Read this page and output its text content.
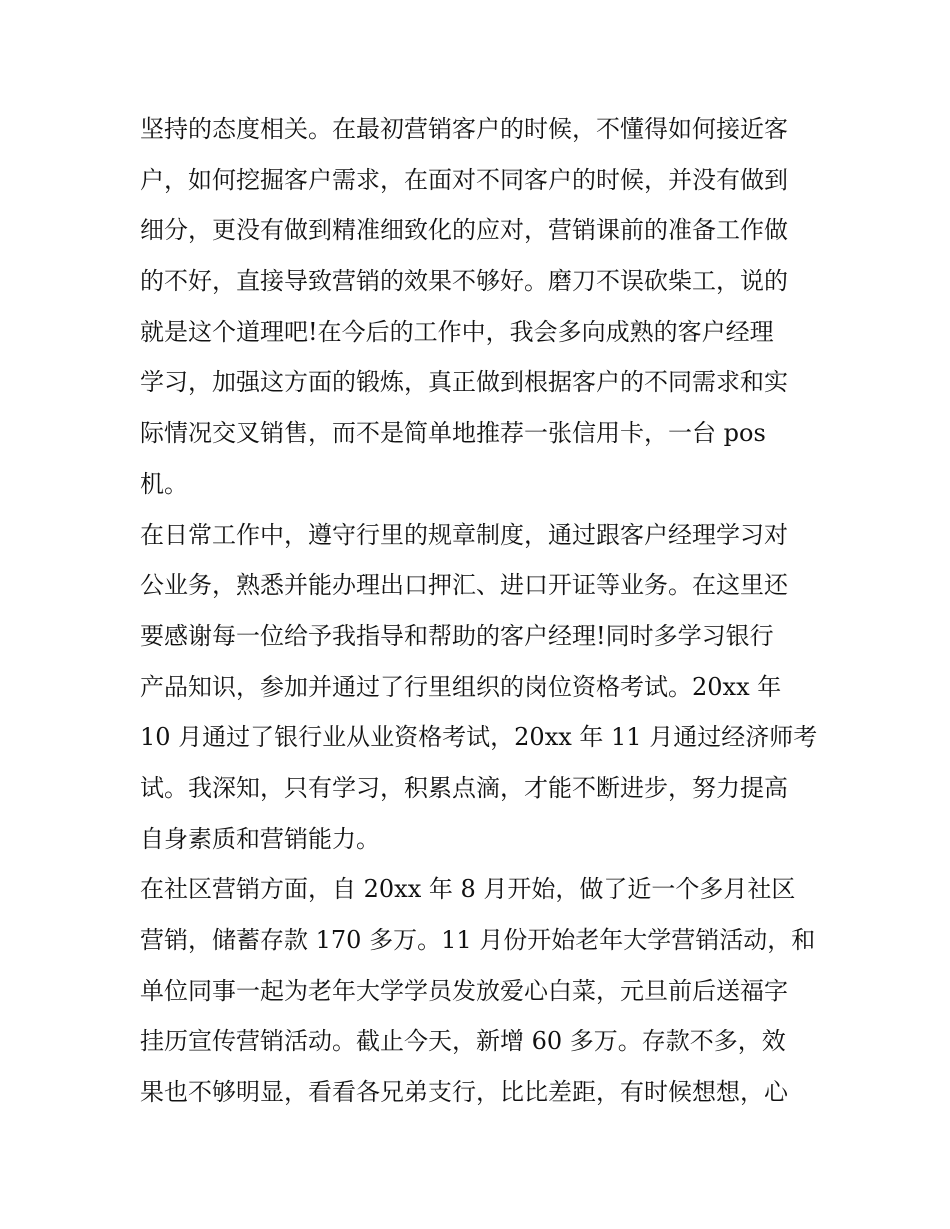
坚持的态度相关。在最初营销客户的时候，不懂得如何接近客
户，如何挖掘客户需求，在面对不同客户的时候，并没有做到
细分，更没有做到精准细致化的应对，营销课前的准备工作做
的不好，直接导致营销的效果不够好。磨刀不误砍柴工，说的
就是这个道理吧!在今后的工作中，我会多向成熟的客户经理
学习，加强这方面的锻炼，真正做到根据客户的不同需求和实
际情况交叉销售，而不是简单地推荐一张信用卡，一台 pos
机。
在日常工作中，遵守行里的规章制度，通过跟客户经理学习对
公业务，熟悉并能办理出口押汇、进口开证等业务。在这里还
要感谢每一位给予我指导和帮助的客户经理!同时多学习银行
产品知识，参加并通过了行里组织的岗位资格考试。20xx 年
10 月通过了银行业从业资格考试，20xx 年 11 月通过经济师考
试。我深知，只有学习，积累点滴，才能不断进步，努力提高
自身素质和营销能力。
在社区营销方面，自 20xx 年 8 月开始，做了近一个多月社区
营销，储蓄存款 170 多万。11 月份开始老年大学营销活动，和
单位同事一起为老年大学学员发放爱心白菜，元旦前后送福字
挂历宣传营销活动。截止今天，新增 60 多万。存款不多，效
果也不够明显，看看各兄弟支行，比比差距，有时候想想，心
